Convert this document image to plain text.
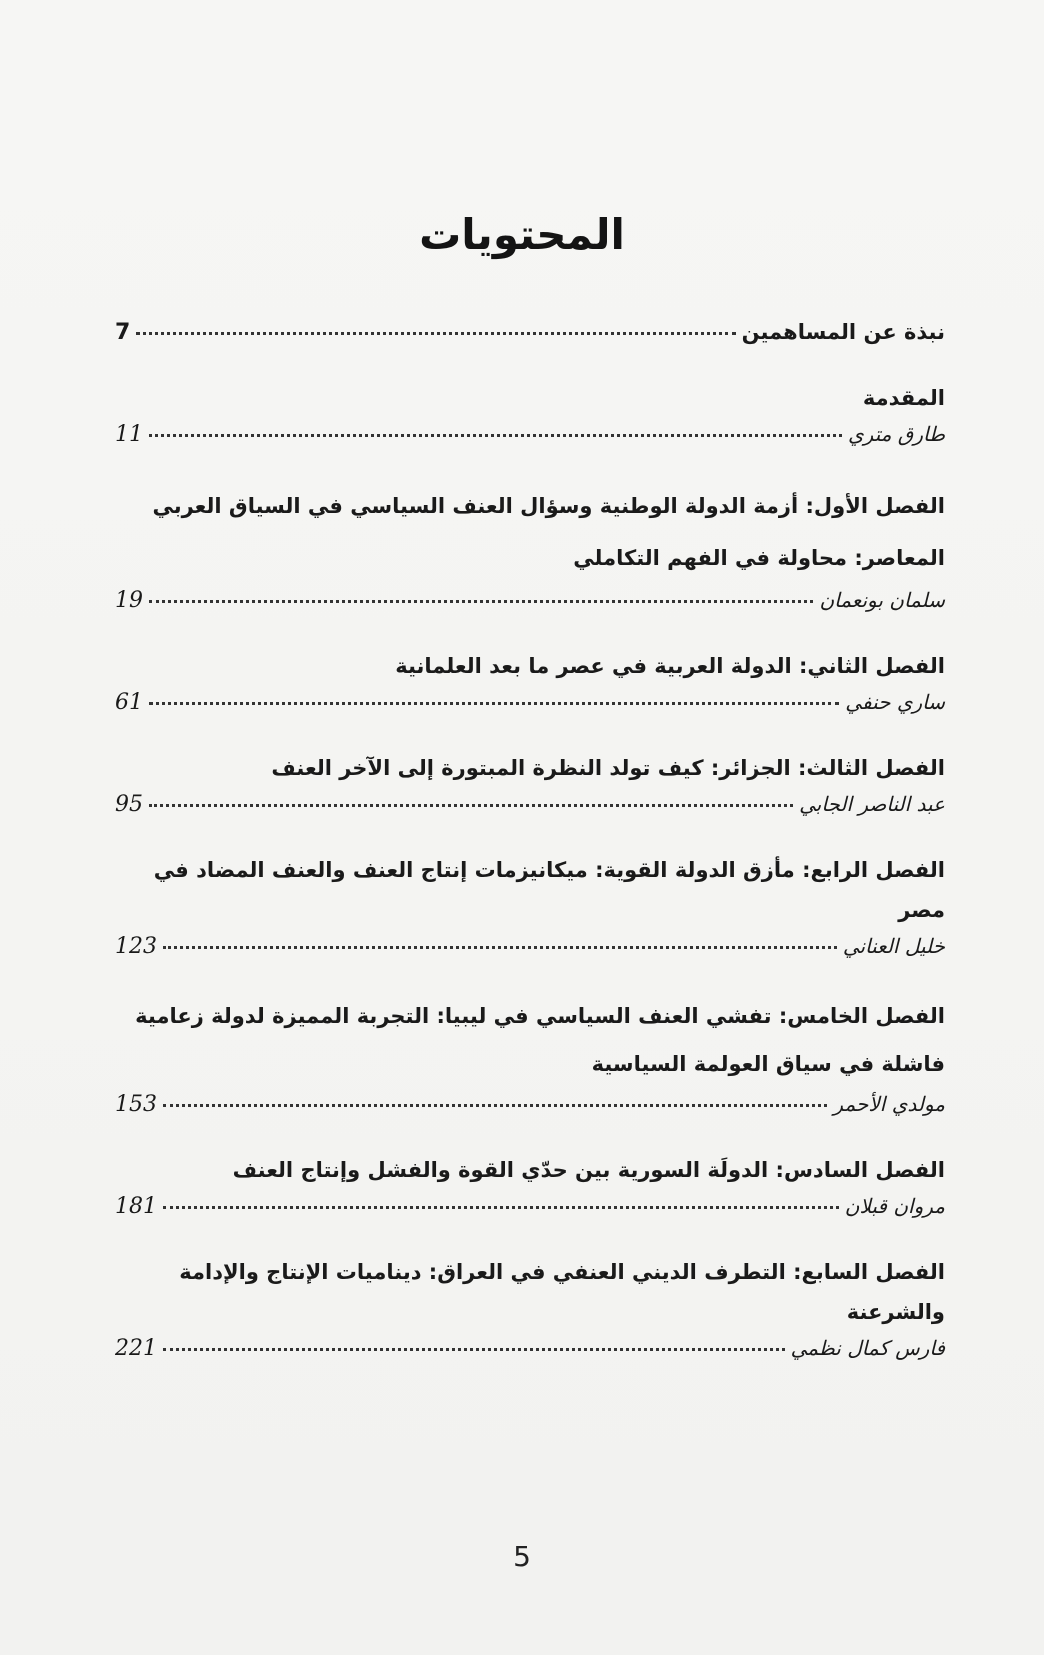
المحتويات
نبذة عن المساهمين
7
المقدمة
طارق متري
11
الفصل الأول: أزمة الدولة الوطنية وسؤال العنف السياسي في السياق العربي المعاصر: محاولة في الفهم التكاملي
سلمان بونعمان
19
الفصل الثاني: الدولة العربية في عصر ما بعد العلمانية
ساري حنفي
61
الفصل الثالث: الجزائر: كيف تولد النظرة المبتورة إلى الآخر العنف
عبد الناصر الجابي
95
الفصل الرابع: مأزق الدولة القوية: ميكانيزمات إنتاج العنف والعنف المضاد في مصر
خليل العناني
123
الفصل الخامس: تفشي العنف السياسي في ليبيا: التجربة المميزة لدولة زعامية فاشلة في سياق العولمة السياسية
مولدي الأحمر
153
الفصل السادس: الدولَة السورية بين حدّي القوة والفشل وإنتاج العنف
مروان قبلان
181
الفصل السابع: التطرف الديني العنفي في العراق: ديناميات الإنتاج والإدامة والشرعنة
فارس كمال نظمي
221
5
